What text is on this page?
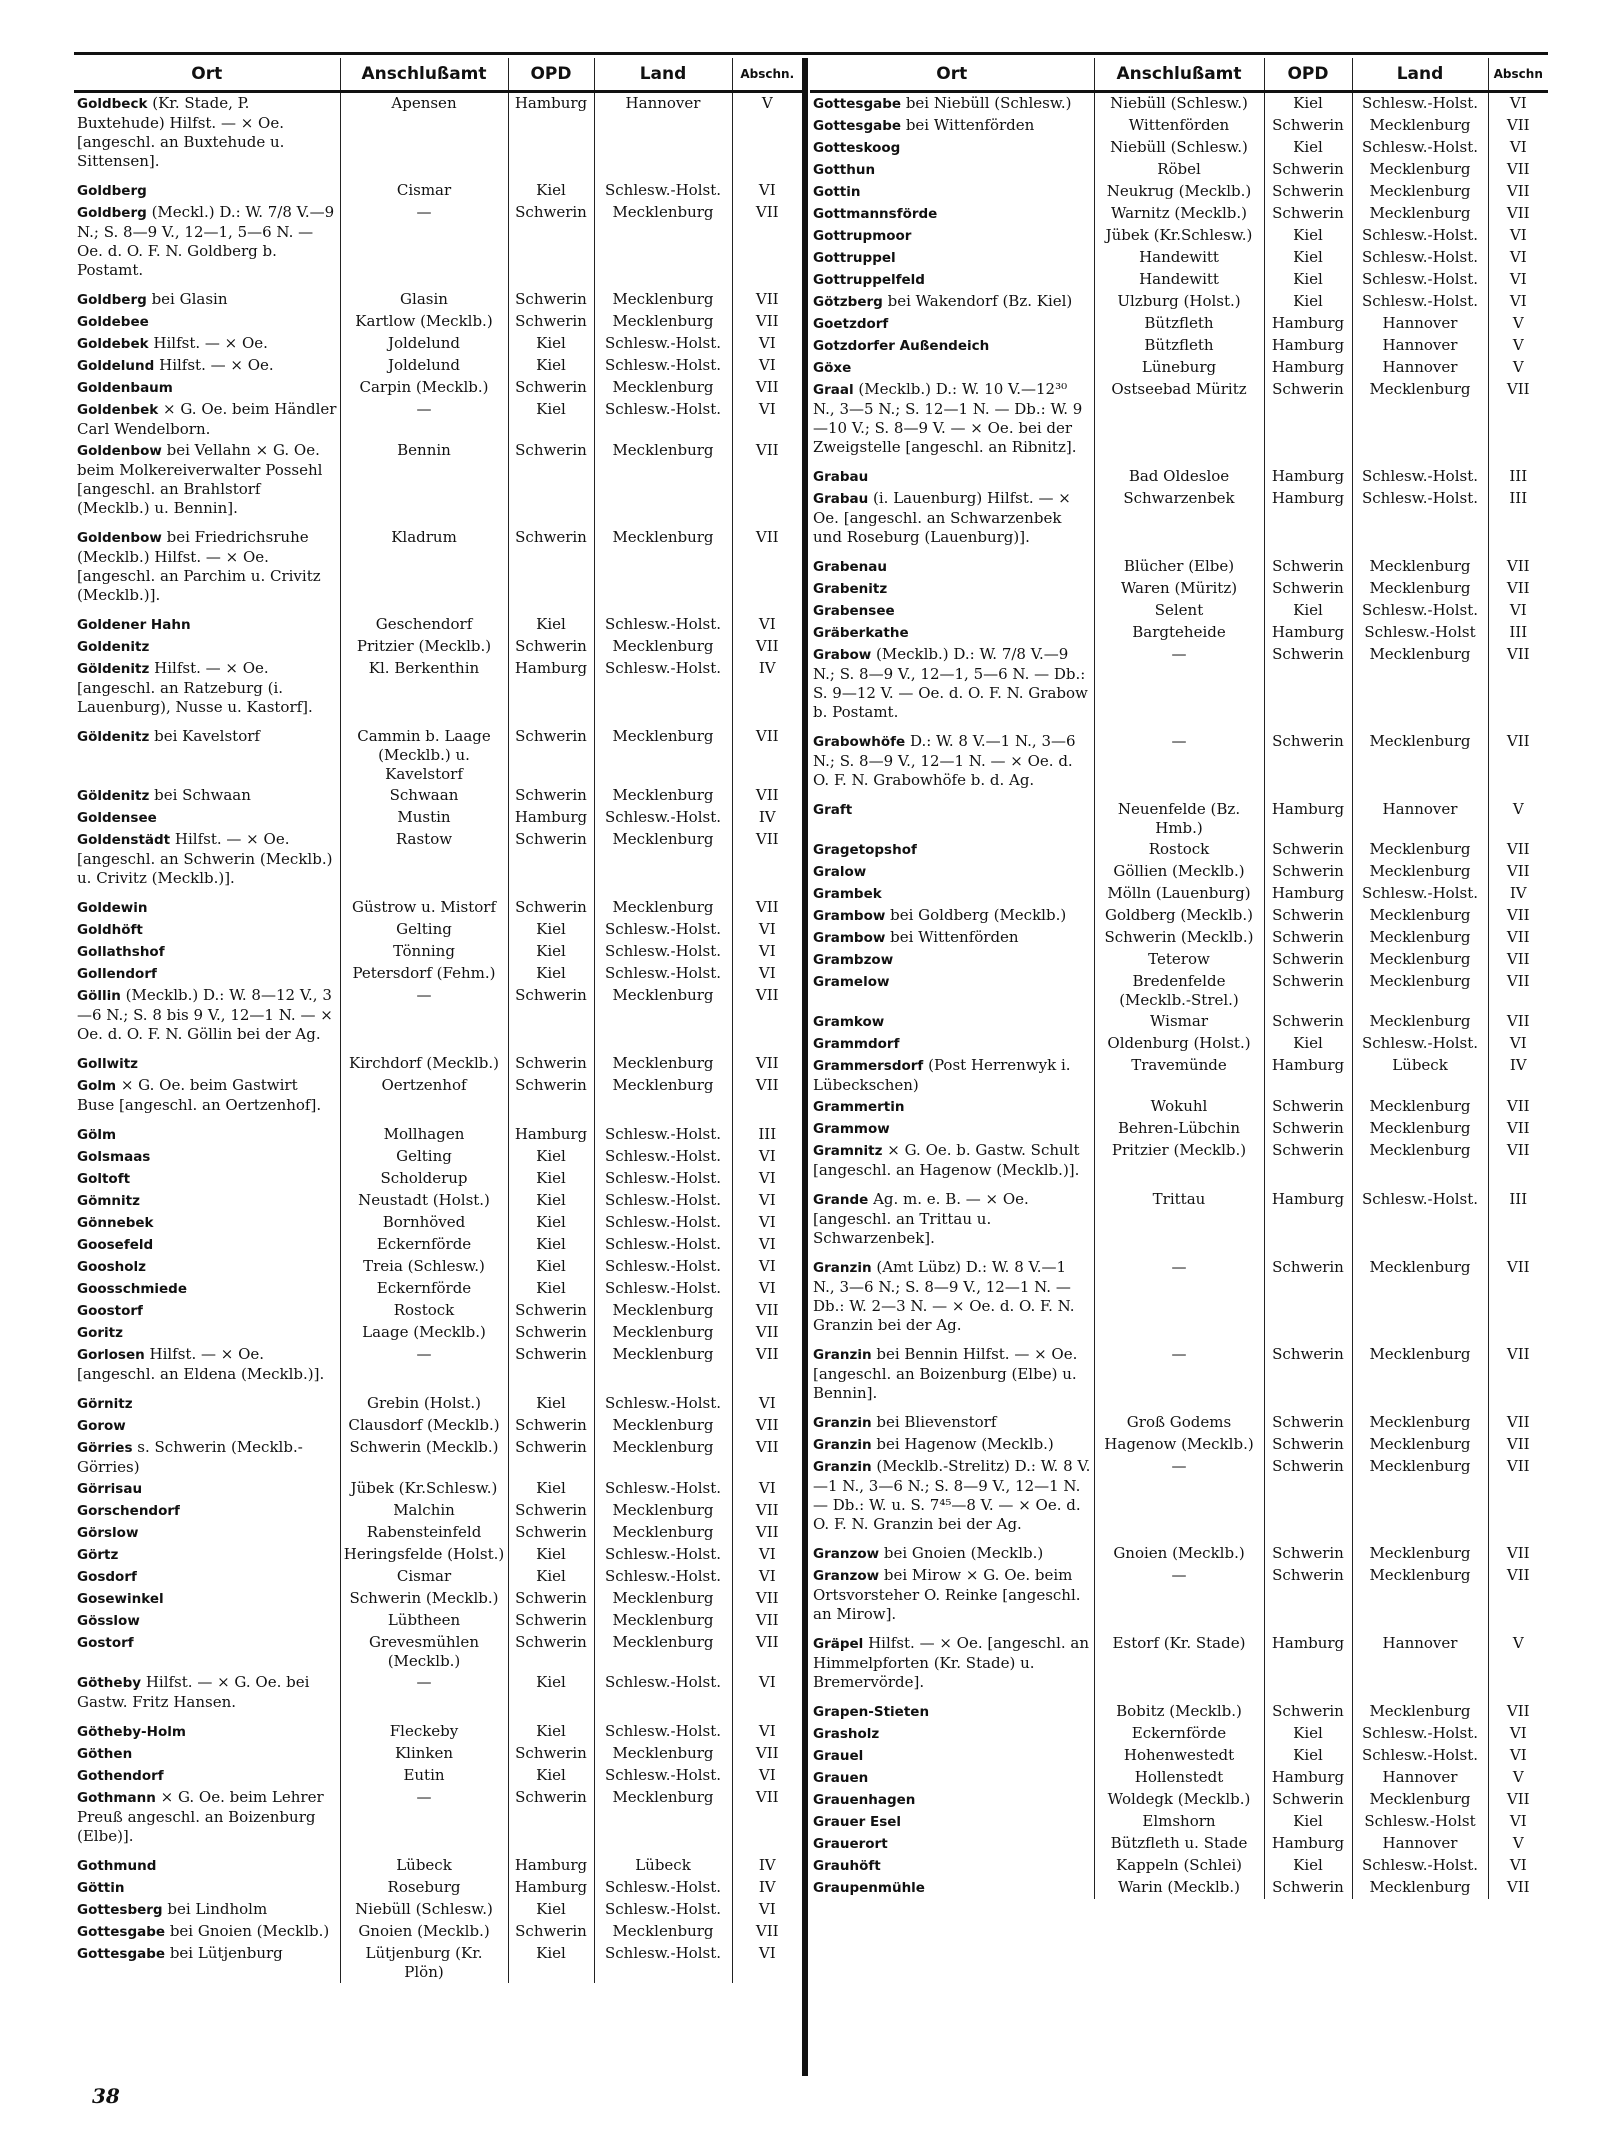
Ort	Anschlußamt	OPD	Land	Abschn.
Goldbeck (Kr. Stade, P. Buxtehude) Hilfst. — × Oe. [angeschl. an Buxtehude u. Sittensen].	Apensen	Hamburg	Hannover	V
Goldberg	Cismar	Kiel	Schlesw.-Holst.	VI
Goldberg (Meckl.) D.: W. 7/8 V.—9 N.; S. 8—9 V., 12—1, 5—6 N. — Oe. d. O. F. N. Goldberg b. Postamt.	—	Schwerin	Mecklenburg	VII
Goldberg bei Glasin	Glasin	Schwerin	Mecklenburg	VII
Goldebee	Kartlow (Mecklb.)	Schwerin	Mecklenburg	VII
Goldebek Hilfst. — × Oe.	Joldelund	Kiel	Schlesw.-Holst.	VI
Goldelund Hilfst. — × Oe.	Joldelund	Kiel	Schlesw.-Holst.	VI
Goldenbaum	Carpin (Mecklb.)	Schwerin	Mecklenburg	VII
Goldenbek × G. Oe. beim Händler Carl Wendelborn.	—	Kiel	Schlesw.-Holst.	VI
Goldenbow bei Vellahn × G. Oe. beim Molkereiverwalter Possehl [angeschl. an Brahlstorf (Mecklb.) u. Bennin].	Bennin	Schwerin	Mecklenburg	VII
Goldenbow bei Friedrichsruhe (Mecklb.) Hilfst. — × Oe. [angeschl. an Parchim u. Crivitz (Mecklb.)].	Kladrum	Schwerin	Mecklenburg	VII
Goldener Hahn	Geschendorf	Kiel	Schlesw.-Holst.	VI
Goldenitz	Pritzier (Mecklb.)	Schwerin	Mecklenburg	VII
Göldenitz Hilfst. — × Oe. [angeschl. an Ratzeburg (i. Lauenburg), Nusse u. Kastorf].	Kl. Berkenthin	Hamburg	Schlesw.-Holst.	IV
Göldenitz bei Kavelstorf	Cammin b. Laage (Mecklb.) u. Kavelstorf	Schwerin	Mecklenburg	VII
Göldenitz bei Schwaan	Schwaan	Schwerin	Mecklenburg	VII
Goldensee	Mustin	Hamburg	Schlesw.-Holst.	IV
Goldenstädt Hilfst. — × Oe. [angeschl. an Schwerin (Mecklb.) u. Crivitz (Mecklb.)].	Rastow	Schwerin	Mecklenburg	VII
Goldewin	Güstrow u. Mistorf	Schwerin	Mecklenburg	VII
Goldhöft	Gelting	Kiel	Schlesw.-Holst.	VI
Gollathshof	Tönning	Kiel	Schlesw.-Holst.	VI
Gollendorf	Petersdorf (Fehm.)	Kiel	Schlesw.-Holst.	VI
Göllin (Mecklb.) D.: W. 8—12 V., 3—6 N.; S. 8 bis 9 V., 12—1 N. — × Oe. d. O. F. N. Göllin bei der Ag.	—	Schwerin	Mecklenburg	VII
Gollwitz	Kirchdorf (Mecklb.)	Schwerin	Mecklenburg	VII
Golm × G. Oe. beim Gastwirt Buse [angeschl. an Oertzenhof].	Oertzenhof	Schwerin	Mecklenburg	VII
Gölm	Mollhagen	Hamburg	Schlesw.-Holst.	III
Golsmaas	Gelting	Kiel	Schlesw.-Holst.	VI
Goltoft	Scholderup	Kiel	Schlesw.-Holst.	VI
Gömnitz	Neustadt (Holst.)	Kiel	Schlesw.-Holst.	VI
Gönnebek	Bornhöved	Kiel	Schlesw.-Holst.	VI
Goosefeld	Eckernförde	Kiel	Schlesw.-Holst.	VI
Goosholz	Treia (Schlesw.)	Kiel	Schlesw.-Holst.	VI
Goosschmiede	Eckernförde	Kiel	Schlesw.-Holst.	VI
Goostorf	Rostock	Schwerin	Mecklenburg	VII
Goritz	Laage (Mecklb.)	Schwerin	Mecklenburg	VII
Gorlosen Hilfst. — × Oe. [angeschl. an Eldena (Mecklb.)].	—	Schwerin	Mecklenburg	VII
Görnitz	Grebin (Holst.)	Kiel	Schlesw.-Holst.	VI
Gorow	Clausdorf (Mecklb.)	Schwerin	Mecklenburg	VII
Görries s. Schwerin (Mecklb.-Görries)	Schwerin (Mecklb.)	Schwerin	Mecklenburg	VII
Görrisau	Jübek (Kr.Schlesw.)	Kiel	Schlesw.-Holst.	VI
Gorschendorf	Malchin	Schwerin	Mecklenburg	VII
Görslow	Rabensteinfeld	Schwerin	Mecklenburg	VII
Görtz	Heringsfelde (Holst.)	Kiel	Schlesw.-Holst.	VI
Gosdorf	Cismar	Kiel	Schlesw.-Holst.	VI
Gosewinkel	Schwerin (Mecklb.)	Schwerin	Mecklenburg	VII
Gösslow	Lübtheen	Schwerin	Mecklenburg	VII
Gostorf	Grevesmühlen (Mecklb.)	Schwerin	Mecklenburg	VII
Götheby Hilfst. — × G. Oe. bei Gastw. Fritz Hansen.	—	Kiel	Schlesw.-Holst.	VI
Götheby-Holm	Fleckeby	Kiel	Schlesw.-Holst.	VI
Göthen	Klinken	Schwerin	Mecklenburg	VII
Gothendorf	Eutin	Kiel	Schlesw.-Holst.	VI
Gothmann × G. Oe. beim Lehrer Preuß angeschl. an Boizenburg (Elbe)].	—	Schwerin	Mecklenburg	VII
Gothmund	Lübeck	Hamburg	Lübeck	IV
Göttin	Roseburg	Hamburg	Schlesw.-Holst.	IV
Gottesberg bei Lindholm	Niebüll (Schlesw.)	Kiel	Schlesw.-Holst.	VI
Gottesgabe bei Gnoien (Mecklb.)	Gnoien (Mecklb.)	Schwerin	Mecklenburg	VII
Gottesgabe bei Lütjenburg	Lütjenburg (Kr. Plön)	Kiel	Schlesw.-Holst.	VI
Ort	Anschlußamt	OPD	Land	Abschn
Gottesgabe bei Niebüll (Schlesw.)	Niebüll (Schlesw.)	Kiel	Schlesw.-Holst.	VI
Gottesgabe bei Wittenförden	Wittenförden	Schwerin	Mecklenburg	VII
Gotteskoog	Niebüll (Schlesw.)	Kiel	Schlesw.-Holst.	VI
Gotthun	Röbel	Schwerin	Mecklenburg	VII
Gottin	Neukrug (Mecklb.)	Schwerin	Mecklenburg	VII
Gottmannsförde	Warnitz (Mecklb.)	Schwerin	Mecklenburg	VII
Gottrupmoor	Jübek (Kr.Schlesw.)	Kiel	Schlesw.-Holst.	VI
Gottruppel	Handewitt	Kiel	Schlesw.-Holst.	VI
Gottruppelfeld	Handewitt	Kiel	Schlesw.-Holst.	VI
Götzberg bei Wakendorf (Bz. Kiel)	Ulzburg (Holst.)	Kiel	Schlesw.-Holst.	VI
Goetzdorf	Bützfleth	Hamburg	Hannover	V
Gotzdorfer Außendeich	Bützfleth	Hamburg	Hannover	V
Göxe	Lüneburg	Hamburg	Hannover	V
Graal (Mecklb.) D.: W. 10 V.—12³⁰ N., 3—5 N.; S. 12—1 N. — Db.: W. 9—10 V.; S. 8—9 V. — × Oe. bei der Zweigstelle [angeschl. an Ribnitz].	Ostseebad Müritz	Schwerin	Mecklenburg	VII
Grabau	Bad Oldesloe	Hamburg	Schlesw.-Holst.	III
Grabau (i. Lauenburg) Hilfst. — × Oe. [angeschl. an Schwarzenbek und Roseburg (Lauenburg)].	Schwarzenbek	Hamburg	Schlesw.-Holst.	III
Grabenau	Blücher (Elbe)	Schwerin	Mecklenburg	VII
Grabenitz	Waren (Müritz)	Schwerin	Mecklenburg	VII
Grabensee	Selent	Kiel	Schlesw.-Holst.	VI
Gräberkathe	Bargteheide	Hamburg	Schlesw.-Holst	III
Grabow (Mecklb.) D.: W. 7/8 V.—9 N.; S. 8—9 V., 12—1, 5—6 N. — Db.: S. 9—12 V. — Oe. d. O. F. N. Grabow b. Postamt.	—	Schwerin	Mecklenburg	VII
Grabowhöfe D.: W. 8 V.—1 N., 3—6 N.; S. 8—9 V., 12—1 N. — × Oe. d. O. F. N. Grabowhöfe b. d. Ag.	—	Schwerin	Mecklenburg	VII
Graft	Neuenfelde (Bz. Hmb.)	Hamburg	Hannover	V
Gragetopshof	Rostock	Schwerin	Mecklenburg	VII
Gralow	Göllien (Mecklb.)	Schwerin	Mecklenburg	VII
Grambek	Mölln (Lauenburg)	Hamburg	Schlesw.-Holst.	IV
Grambow bei Goldberg (Mecklb.)	Goldberg (Mecklb.)	Schwerin	Mecklenburg	VII
Grambow bei Wittenförden	Schwerin (Mecklb.)	Schwerin	Mecklenburg	VII
Grambzow	Teterow	Schwerin	Mecklenburg	VII
Gramelow	Bredenfelde (Mecklb.-Strel.)	Schwerin	Mecklenburg	VII
Gramkow	Wismar	Schwerin	Mecklenburg	VII
Grammdorf	Oldenburg (Holst.)	Kiel	Schlesw.-Holst.	VI
Grammersdorf (Post Herrenwyk i. Lübeckschen)	Travemünde	Hamburg	Lübeck	IV
Grammertin	Wokuhl	Schwerin	Mecklenburg	VII
Grammow	Behren-Lübchin	Schwerin	Mecklenburg	VII
Gramnitz × G. Oe. b. Gastw. Schult [angeschl. an Hagenow (Mecklb.)].	Pritzier (Mecklb.)	Schwerin	Mecklenburg	VII
Grande Ag. m. e. B. — × Oe. [angeschl. an Trittau u. Schwarzenbek].	Trittau	Hamburg	Schlesw.-Holst.	III
Granzin (Amt Lübz) D.: W. 8 V.—1 N., 3—6 N.; S. 8—9 V., 12—1 N. — Db.: W. 2—3 N. — × Oe. d. O. F. N. Granzin bei der Ag.	—	Schwerin	Mecklenburg	VII
Granzin bei Bennin Hilfst. — × Oe. [angeschl. an Boizenburg (Elbe) u. Bennin].	—	Schwerin	Mecklenburg	VII
Granzin bei Blievenstorf	Groß Godems	Schwerin	Mecklenburg	VII
Granzin bei Hagenow (Mecklb.)	Hagenow (Mecklb.)	Schwerin	Mecklenburg	VII
Granzin (Mecklb.-Strelitz) D.: W. 8 V.—1 N., 3—6 N.; S. 8—9 V., 12—1 N. — Db.: W. u. S. 7⁴⁵—8 V. — × Oe. d. O. F. N. Granzin bei der Ag.	—	Schwerin	Mecklenburg	VII
Granzow bei Gnoien (Mecklb.)	Gnoien (Mecklb.)	Schwerin	Mecklenburg	VII
Granzow bei Mirow × G. Oe. beim Ortsvorsteher O. Reinke [angeschl. an Mirow].	—	Schwerin	Mecklenburg	VII
Gräpel Hilfst. — × Oe. [angeschl. an Himmelpforten (Kr. Stade) u. Bremervörde].	Estorf (Kr. Stade)	Hamburg	Hannover	V
Grapen-Stieten	Bobitz (Mecklb.)	Schwerin	Mecklenburg	VII
Grasholz	Eckernförde	Kiel	Schlesw.-Holst.	VI
Grauel	Hohenwestedt	Kiel	Schlesw.-Holst.	VI
Grauen	Hollenstedt	Hamburg	Hannover	V
Grauenhagen	Woldegk (Mecklb.)	Schwerin	Mecklenburg	VII
Grauer Esel	Elmshorn	Kiel	Schlesw.-Holst	VI
Grauerort	Bützfleth u. Stade	Hamburg	Hannover	V
Grauhöft	Kappeln (Schlei)	Kiel	Schlesw.-Holst.	VI
Graupenmühle	Warin (Mecklb.)	Schwerin	Mecklenburg	VII
38
